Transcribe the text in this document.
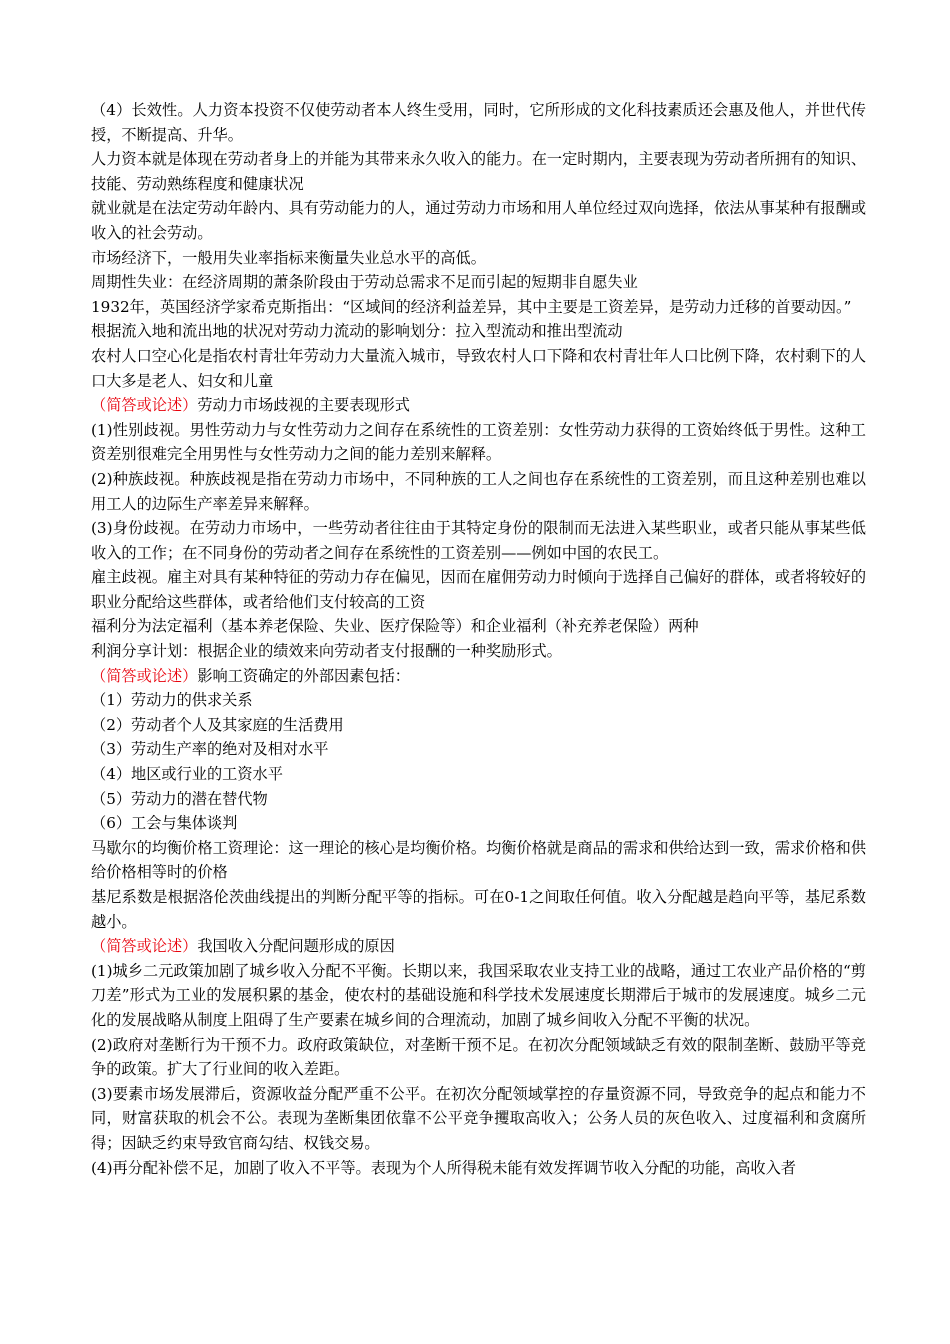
（4）长效性。人力资本投资不仅使劳动者本人终生受用，同时，它所形成的文化科技素质还会惠及他人，并世代传授，不断提高、升华。

人力资本就是体现在劳动者身上的并能为其带来永久收入的能力。在一定时期内，主要表现为劳动者所拥有的知识、技能、劳动熟练程度和健康状况

就业就是在法定劳动年龄内、具有劳动能力的人，通过劳动力市场和用人单位经过双向选择，依法从事某种有报酬或收入的社会劳动。

市场经济下，一般用失业率指标来衡量失业总水平的高低。

周期性失业：在经济周期的萧条阶段由于劳动总需求不足而引起的短期非自愿失业

1932年，英国经济学家希克斯指出：“区域间的经济利益差异，其中主要是工资差异，是劳动力迁移的首要动因。”

根据流入地和流出地的状况对劳动力流动的影响划分：拉入型流动和推出型流动

农村人口空心化是指农村青壮年劳动力大量流入城市，导致农村人口下降和农村青壮年人口比例下降，农村剩下的人口大多是老人、妇女和儿童

（简答或论述）劳动力市场歧视的主要表现形式

(1)性别歧视。男性劳动力与女性劳动力之间存在系统性的工资差别：女性劳动力获得的工资始终低于男性。这种工资差别很难完全用男性与女性劳动力之间的能力差别来解释。

(2)种族歧视。种族歧视是指在劳动力市场中，不同种族的工人之间也存在系统性的工资差别，而且这种差别也难以用工人的边际生产率差异来解释。

(3)身份歧视。在劳动力市场中，一些劳动者往往由于其特定身份的限制而无法进入某些职业，或者只能从事某些低收入的工作；在不同身份的劳动者之间存在系统性的工资差别——例如中国的农民工。

雇主歧视。雇主对具有某种特征的劳动力存在偏见，因而在雇佣劳动力时倾向于选择自己偏好的群体，或者将较好的职业分配给这些群体，或者给他们支付较高的工资

福利分为法定福利（基本养老保险、失业、医疗保险等）和企业福利（补充养老保险）两种

利润分享计划：根据企业的绩效来向劳动者支付报酬的一种奖励形式。

（简答或论述）影响工资确定的外部因素包括：

（1）劳动力的供求关系

（2）劳动者个人及其家庭的生活费用

（3）劳动生产率的绝对及相对水平

（4）地区或行业的工资水平

（5）劳动力的潜在替代物

（6）工会与集体谈判

马歇尔的均衡价格工资理论：这一理论的核心是均衡价格。均衡价格就是商品的需求和供给达到一致，需求价格和供给价格相等时的价格

基尼系数是根据洛伦茨曲线提出的判断分配平等的指标。可在0-1之间取任何值。收入分配越是趋向平等，基尼系数越小。

（简答或论述）我国收入分配问题形成的原因

(1)城乡二元政策加剧了城乡收入分配不平衡。长期以来，我国采取农业支持工业的战略，通过工农业产品价格的“剪刀差”形式为工业的发展积累的基金，使农村的基础设施和科学技术发展速度长期滞后于城市的发展速度。城乡二元化的发展战略从制度上阻碍了生产要素在城乡间的合理流动，加剧了城乡间收入分配不平衡的状况。

(2)政府对垄断行为干预不力。政府政策缺位，对垄断干预不足。在初次分配领域缺乏有效的限制垄断、鼓励平等竞争的政策。扩大了行业间的收入差距。

(3)要素市场发展滞后，资源收益分配严重不公平。在初次分配领域掌控的存量资源不同，导致竞争的起点和能力不同，财富获取的机会不公。表现为垄断集团依靠不公平竞争攫取高收入；公务人员的灰色收入、过度福利和贪腐所得；因缺乏约束导致官商勾结、权钱交易。

(4)再分配补偿不足，加剧了收入不平等。表现为个人所得税未能有效发挥调节收入分配的功能，高收入者
